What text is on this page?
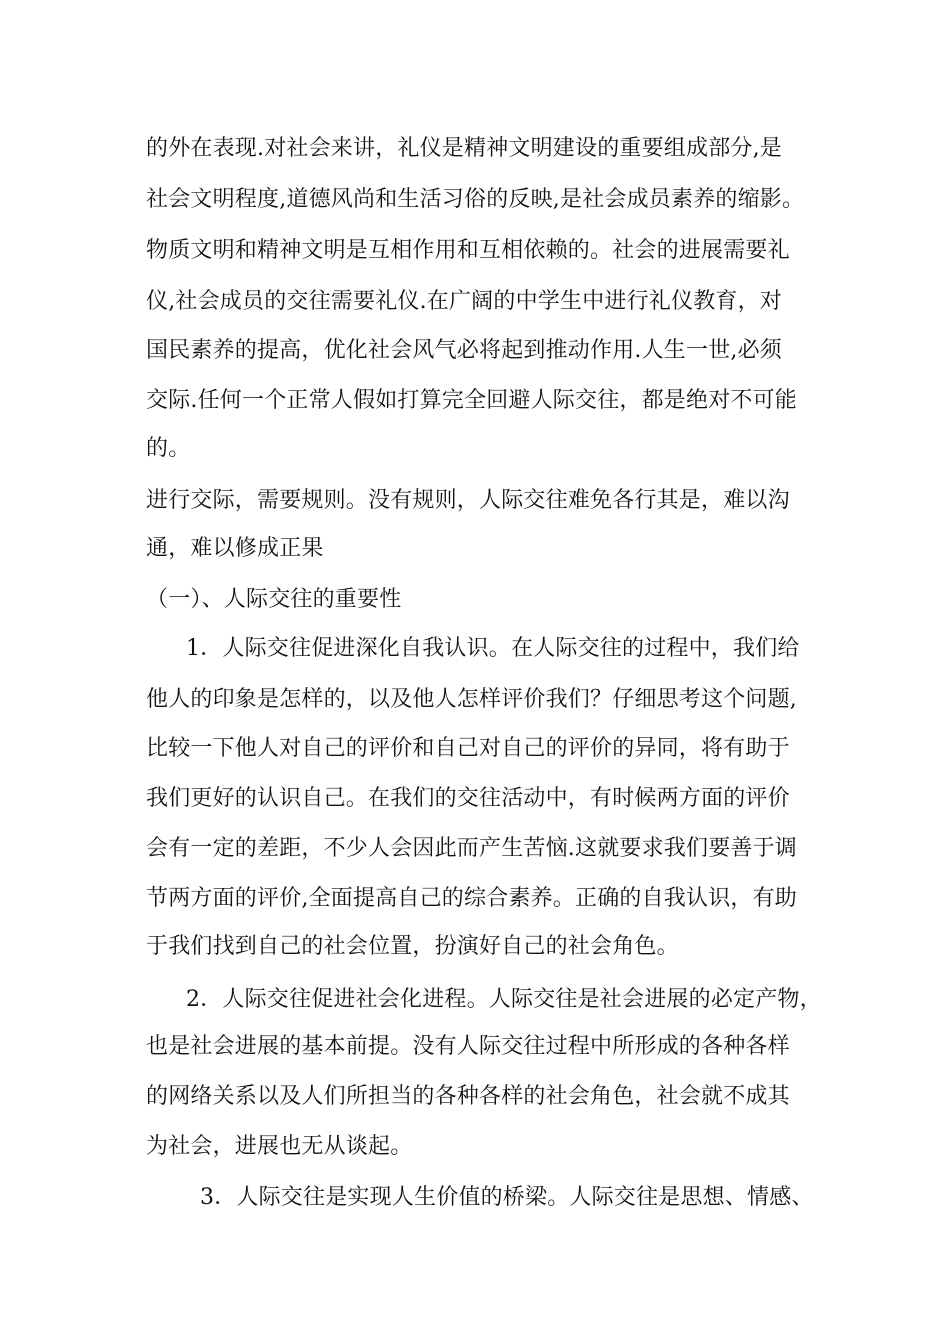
的外在表现.对社会来讲，礼仪是精神文明建设的重要组成部分,是
社会文明程度,道德风尚和生活习俗的反映,是社会成员素养的缩影。
物质文明和精神文明是互相作用和互相依赖的。社会的进展需要礼
仪,社会成员的交往需要礼仪.在广阔的中学生中进行礼仪教育，对
国民素养的提高，优化社会风气必将起到推动作用.人生一世,必须
交际.任何一个正常人假如打算完全回避人际交往，都是绝对不可能
的。
进行交际，需要规则。没有规则，人际交往难免各行其是，难以沟
通，难以修成正果
（一）、人际交往的重要性
1．人际交往促进深化自我认识。在人际交往的过程中，我们给
他人的印象是怎样的，以及他人怎样评价我们？仔细思考这个问题,
比较一下他人对自己的评价和自己对自己的评价的异同，将有助于
我们更好的认识自己。在我们的交往活动中，有时候两方面的评价
会有一定的差距，不少人会因此而产生苦恼.这就要求我们要善于调
节两方面的评价,全面提高自己的综合素养。正确的自我认识，有助
于我们找到自己的社会位置，扮演好自己的社会角色。
2．人际交往促进社会化进程。人际交往是社会进展的必定产物，
也是社会进展的基本前提。没有人际交往过程中所形成的各种各样
的网络关系以及人们所担当的各种各样的社会角色，社会就不成其
为社会，进展也无从谈起。
3．人际交往是实现人生价值的桥梁。人际交往是思想、情感、
